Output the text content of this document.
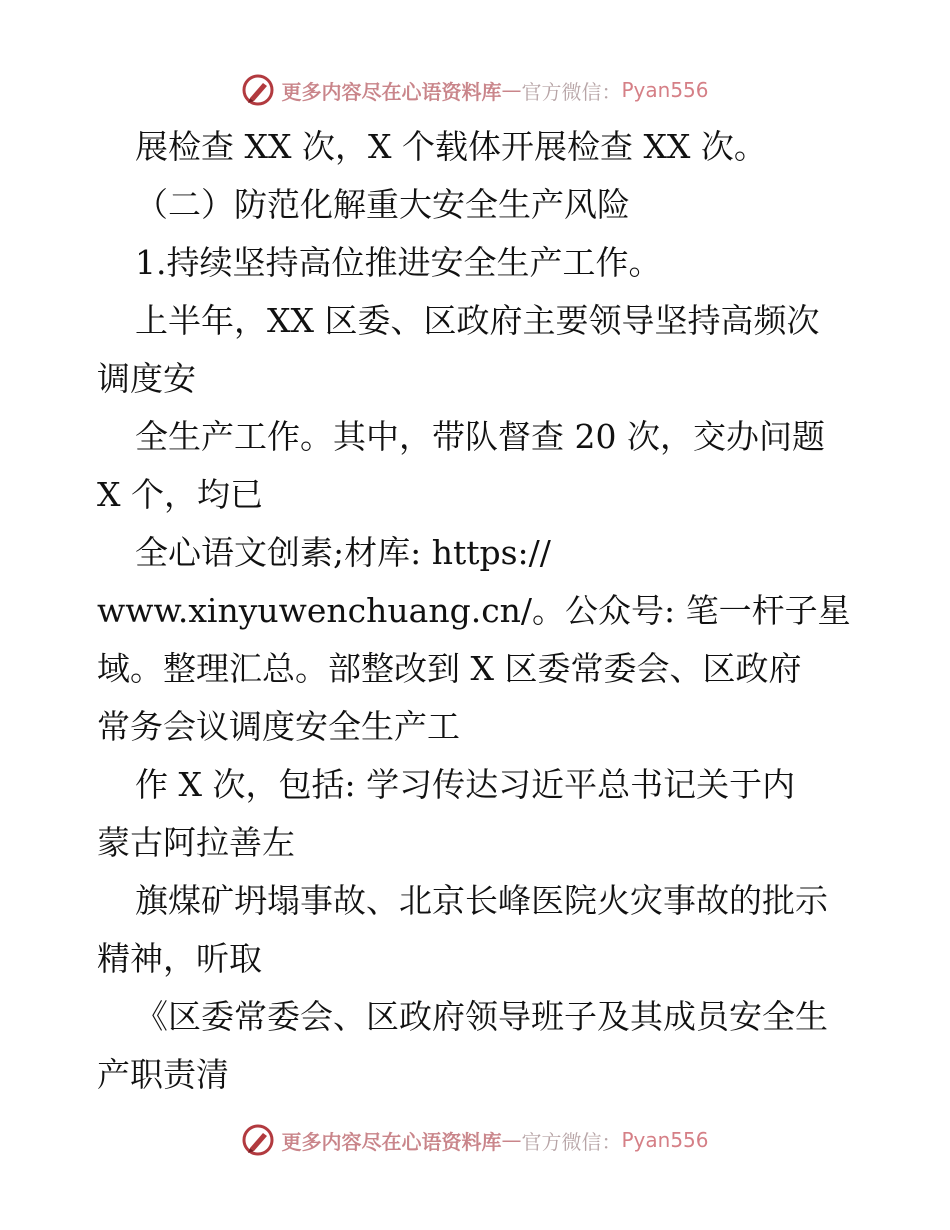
更多内容尽在心语资料库 — 官方微信： Pyan556
展检查 XX 次，X 个载体开展检查 XX 次。
（二）防范化解重大安全生产风险
1.持续坚持高位推进安全生产工作。
上半年，XX 区委、区政府主要领导坚持高频次
调度安
全生产工作。其中，带队督查 20 次，交办问题
X 个，均已
全心语文创素;材库: https://
www.xinyuwenchuang.cn/。公众号: 笔一杆子星
域。整理汇总。部整改到 X 区委常委会、区政府
常务会议调度安全生产工
作 X 次，包括: 学习传达习近平总书记关于内
蒙古阿拉善左
旗煤矿坍塌事故、北京长峰医院火灾事故的批示
精神，听取
《区委常委会、区政府领导班子及其成员安全生
产职责清
更多内容尽在心语资料库 — 官方微信： Pyan556
